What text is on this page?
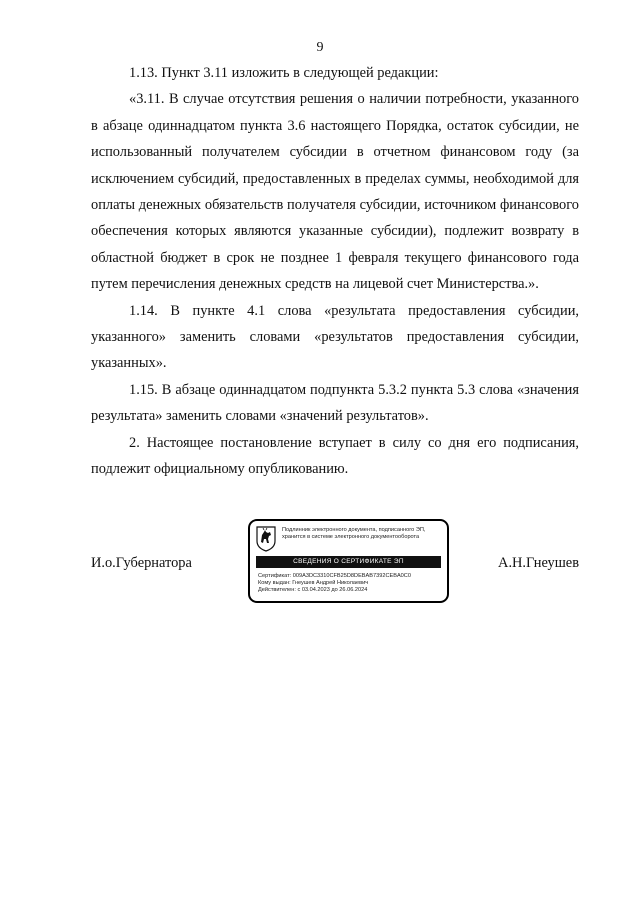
9

1.13. Пункт 3.11 изложить в следующей редакции:

«3.11. В случае отсутствия решения о наличии потребности, указанного в абзаце одиннадцатом пункта 3.6 настоящего Порядка, остаток субсидии, не использованный получателем субсидии в отчетном финансовом году (за исключением субсидий, предоставленных в пределах суммы, необходимой для оплаты денежных обязательств получателя субсидии, источником финансового обеспечения которых являются указанные субсидии), подлежит возврату в областной бюджет в срок не позднее 1 февраля текущего финансового года путем перечисления денежных средств на лицевой счет Министерства.».

1.14. В пункте 4.1 слова «результата предоставления субсидии, указанного» заменить словами «результатов предоставления субсидии, указанных».

1.15. В абзаце одиннадцатом подпункта 5.3.2 пункта 5.3 слова «значения результата» заменить словами «значений результатов».

2. Настоящее постановление вступает в силу со дня его подписания, подлежит официальному опубликованию.

И.о.Губернатора
Подлинник электронного документа, подписанного ЭП, хранится в системе электронного документооборота
СВЕДЕНИЯ О СЕРТИФИКАТЕ ЭП
Сертификат: 009A3DC3310CFB25D8DEBAB7392CEBA0C0
Кому выдан: Гнеушев Андрей Николаевич
Действителен: с 03.04.2023 до 26.06.2024
А.Н.Гнеушев
